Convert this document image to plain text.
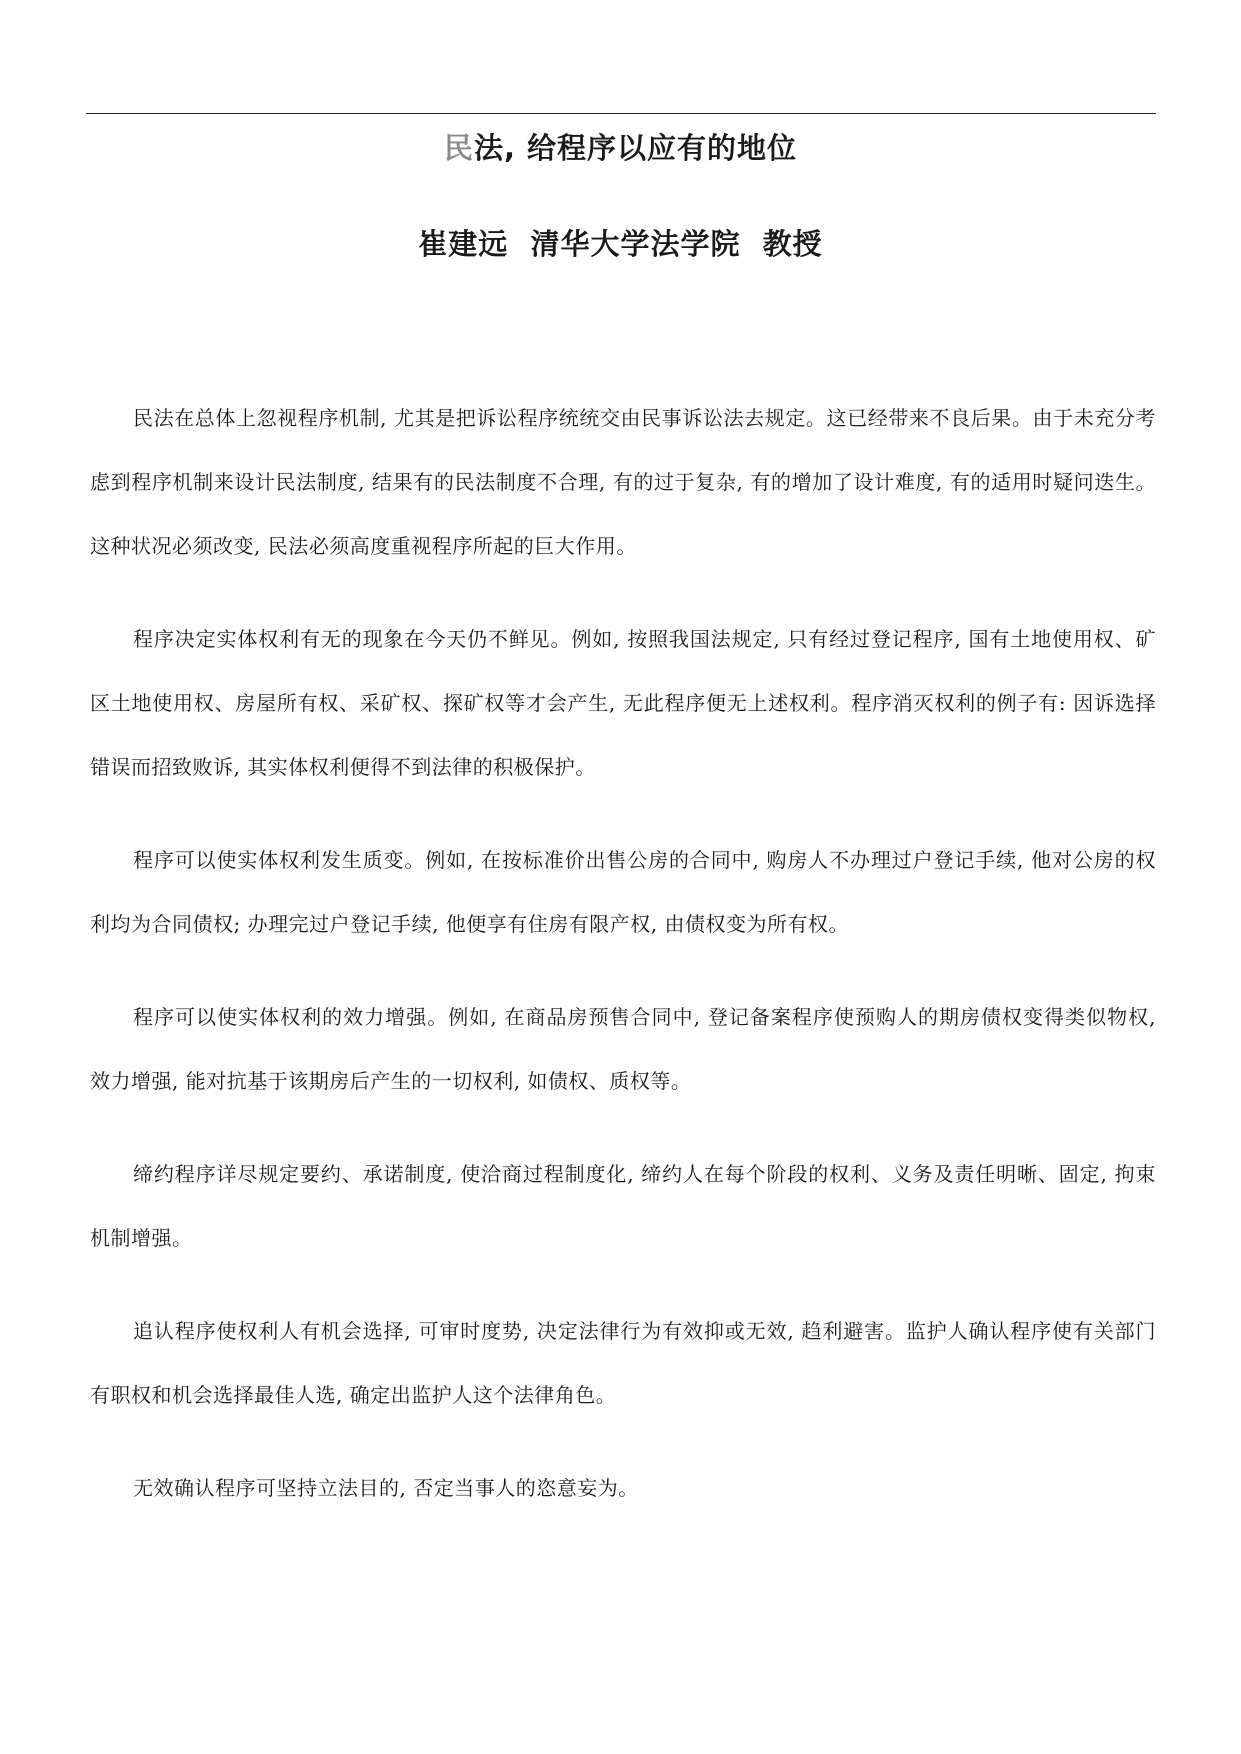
民法, 给程序以应有的地位
崔建远  清华大学法学院  教授

民法在总体上忽视程序机制, 尤其是把诉讼程序统统交由民事诉讼法去规定。这已经带来不良后果。由于未充分考虑到程序机制来设计民法制度, 结果有的民法制度不合理, 有的过于复杂, 有的增加了设计难度, 有的适用时疑问迭生。这种状况必须改变, 民法必须高度重视程序所起的巨大作用。

程序决定实体权利有无的现象在今天仍不鲜见。例如, 按照我国法规定, 只有经过登记程序, 国有土地使用权、矿区土地使用权、房屋所有权、采矿权、探矿权等才会产生, 无此程序便无上述权利。程序消灭权利的例子有: 因诉选择错误而招致败诉, 其实体权利便得不到法律的积极保护。

程序可以使实体权利发生质变。例如, 在按标准价出售公房的合同中, 购房人不办理过户登记手续, 他对公房的权利均为合同债权; 办理完过户登记手续, 他便享有住房有限产权, 由债权变为所有权。

程序可以使实体权利的效力增强。例如, 在商品房预售合同中, 登记备案程序使预购人的期房债权变得类似物权, 效力增强, 能对抗基于该期房后产生的一切权利, 如债权、质权等。

缔约程序详尽规定要约、承诺制度, 使洽商过程制度化, 缔约人在每个阶段的权利、义务及责任明晰、固定, 拘束机制增强。

追认程序使权利人有机会选择, 可审时度势, 决定法律行为有效抑或无效, 趋利避害。监护人确认程序使有关部门有职权和机会选择最佳人选, 确定出监护人这个法律角色。

无效确认程序可坚持立法目的, 否定当事人的恣意妄为。
